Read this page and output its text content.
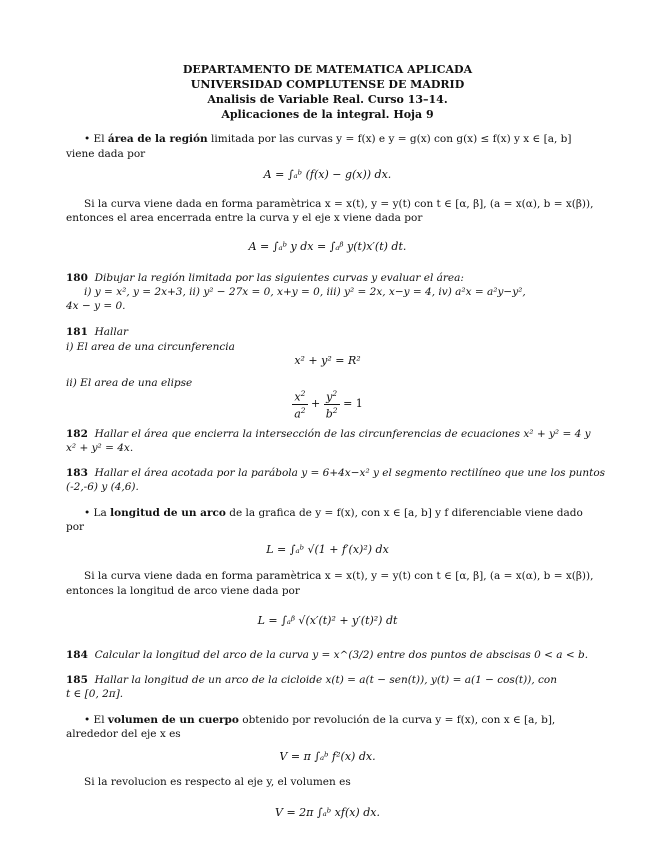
DEPARTAMENTO DE MATEMATICA APLICADA
UNIVERSIDAD COMPLUTENSE DE MADRID
Analisis de Variable Real. Curso 13–14.
Aplicaciones de la integral. Hoja 9
• El área de la región limitada por las curvas y = f(x) e y = g(x) con g(x) ≤ f(x) y x ∈ [a, b]
viene dada por
A = ∫ₐᵇ (f(x) − g(x)) dx.
Si la curva viene dada en forma paramètrica x = x(t), y = y(t) con t ∈ [α, β], (a = x(α), b = x(β)),
entonces el area encerrada entre la curva y el eje x viene dada por
A = ∫ₐᵇ y dx = ∫ₐᵝ y(t)x′(t) dt.
180 Dibujar la región limitada por las siguientes curvas y evaluar el área:
i) y = x², y = 2x+3, ii) y² − 27x = 0, x+y = 0, iii) y² = 2x, x−y = 4, iv) a²x = a²y−y²,
4x − y = 0.
181 Hallar
i) El area de una circunferencia
x² + y² = R²
ii) El area de una elipse
$\frac{x^2}{a^2} + \frac{y^2}{b^2} = 1$
182 Hallar el área que encierra la intersección de las circunferencias de ecuaciones x² + y² = 4 y
x² + y² = 4x.
183 Hallar el área acotada por la parábola y = 6+4x−x² y el segmento rectilíneo que une los puntos
(-2,-6) y (4,6).
• La longitud de un arco de la grafica de y = f(x), con x ∈ [a, b] y f diferenciable viene dado
por
L = ∫ₐᵇ √(1 + f′(x)²) dx
Si la curva viene dada en forma paramètrica x = x(t), y = y(t) con t ∈ [α, β], (a = x(α), b = x(β)),
entonces la longitud de arco viene dada por
L = ∫ₐᵝ √(x′(t)² + y′(t)²) dt
184 Calcular la longitud del arco de la curva y = x^(3/2) entre dos puntos de abscisas 0 < a < b.
185 Hallar la longitud de un arco de la cicloide x(t) = a(t − sen(t)), y(t) = a(1 − cos(t)), con
t ∈ [0, 2π].
• El volumen de un cuerpo obtenido por revolución de la curva y = f(x), con x ∈ [a, b],
alrededor del eje x es
V = π ∫ₐᵇ f²(x) dx.
Si la revolucion es respecto al eje y, el volumen es
V = 2π ∫ₐᵇ xf(x) dx.
